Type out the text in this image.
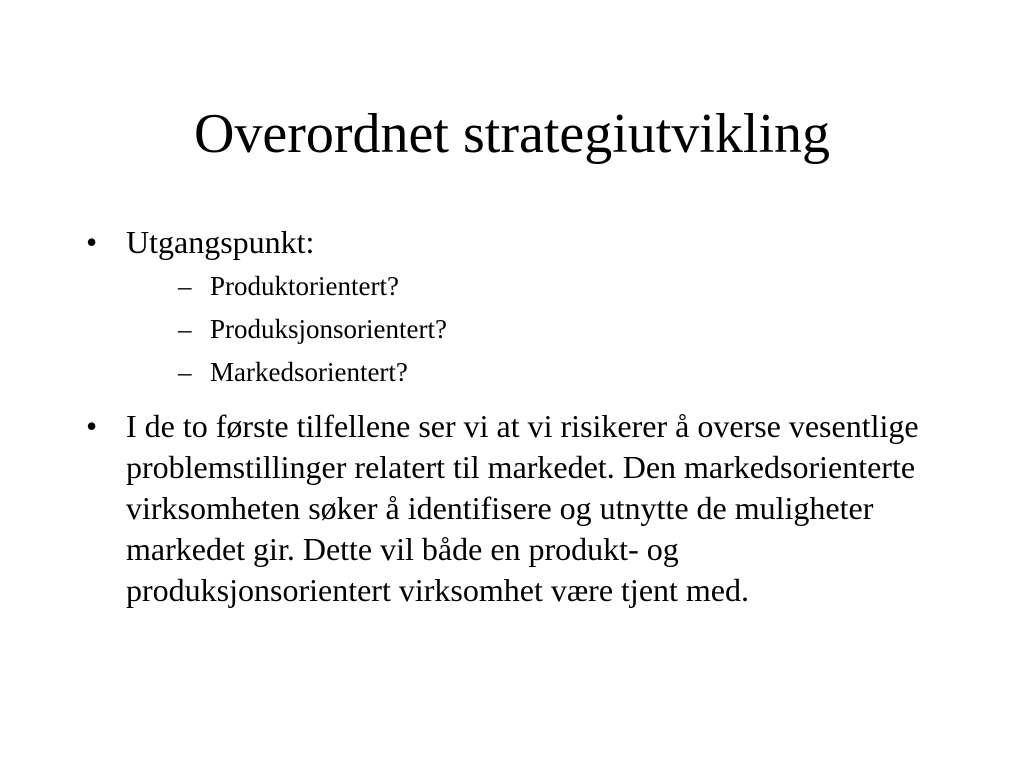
Overordnet strategiutvikling
• Utgangspunkt:
– Produktorientert?
– Produksjonsorientert?
– Markedsorientert?
• I de to første tilfellene ser vi at vi risikerer å overse vesentlige problemstillinger relatert til markedet. Den markedsorienterte virksomheten søker å identifisere og utnytte de muligheter markedet gir. Dette vil både en produkt- og produksjonsorientert virksomhet være tjent med.
